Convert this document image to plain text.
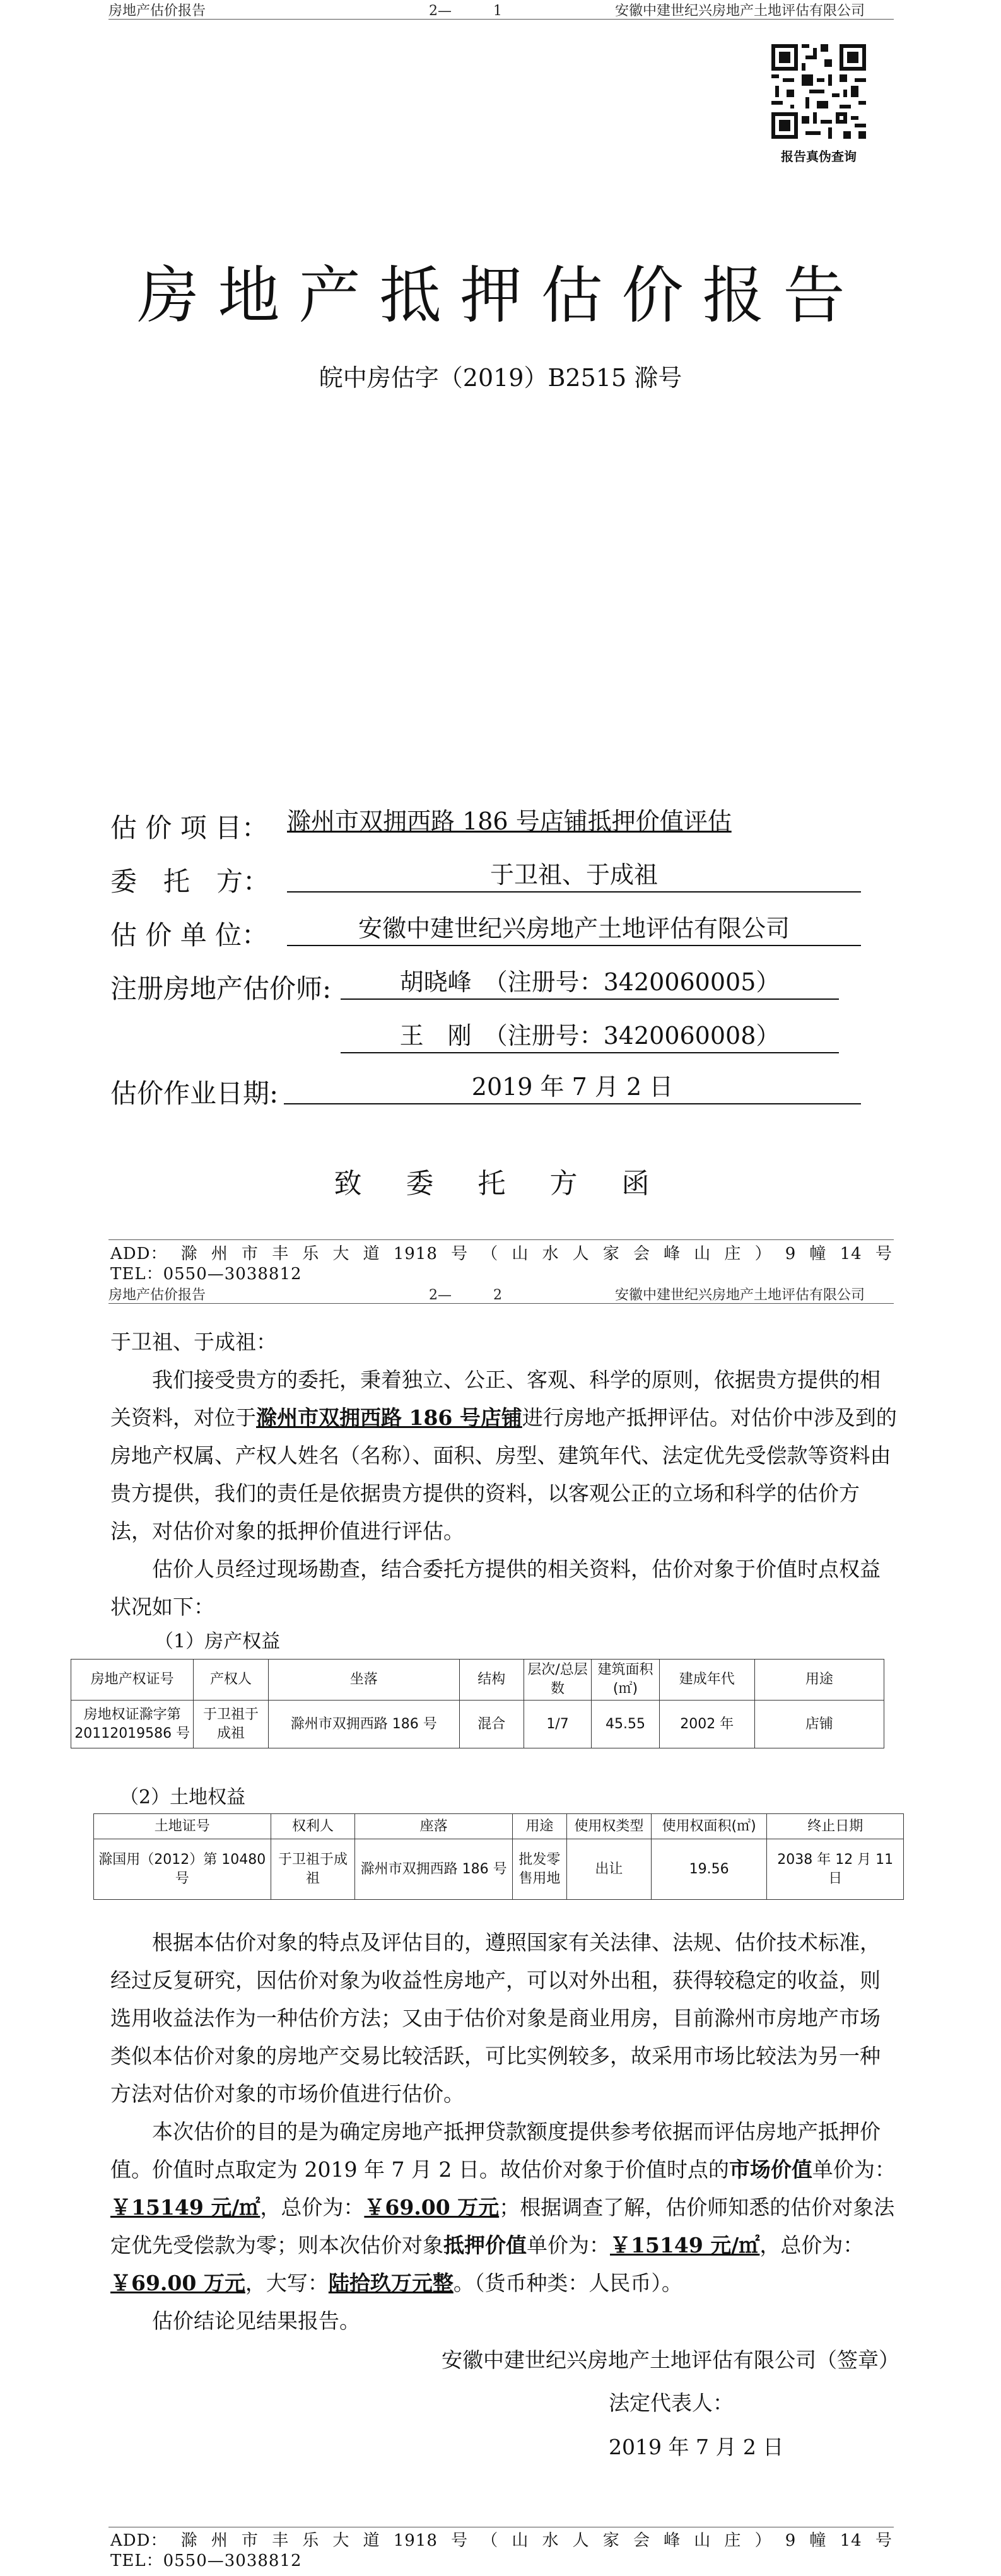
房地产估价报告	2—　　　1	安徽中建世纪兴房地产土地评估有限公司
报告真伪查询
房地产抵押估价报告
皖中房估字（2019）B2515 滁号
估 价 项 目： 滁州市双拥西路 186 号店铺抵押价值评估
委　托　方：	于卫祖、于成祖
估 价 单 位：	安徽中建世纪兴房地产土地评估有限公司
注册房地产估价师:	胡晓峰　（注册号：3420060005）
王　刚　（注册号：3420060008）
估价作业日期:	2019 年 7 月 2 日
致 委 托 方 函
ADD： 滁 州 市 丰 乐 大 道 1918 号 （ 山 水 人 家 会 峰 山 庄 ） 9 幢 14 号
TEL：0550—3038812
房地产估价报告	2—　　　2	安徽中建世纪兴房地产土地评估有限公司
于卫祖、于成祖：
我们接受贵方的委托，秉着独立、公正、客观、科学的原则，依据贵方提供的相关资料，对位于滁州市双拥西路 186 号店铺进行房地产抵押评估。对估价中涉及到的房地产权属、产权人姓名（名称）、面积、房型、建筑年代、法定优先受偿款等资料由贵方提供，我们的责任是依据贵方提供的资料，以客观公正的立场和科学的估价方法，对估价对象的抵押价值进行评估。
估价人员经过现场勘查，结合委托方提供的相关资料，估价对象于价值时点权益状况如下：
（1）房产权益
房地产权证号	产权人	坐落	结构	层次/总层数	建筑面积(㎡)	建成年代	用途
房地权证滁字第20112019586 号	于卫祖于成祖	滁州市双拥西路 186 号	混合	1/7	45.55	2002 年	店铺
（2）土地权益
土地证号	权利人	座落	用途	使用权类型	使用权面积(㎡)	终止日期
滁国用（2012）第 10480 号	于卫祖于成祖	滁州市双拥西路 186 号	批发零售用地	出让	19.56	2038 年 12 月 11 日
根据本估价对象的特点及评估目的，遵照国家有关法律、法规、估价技术标准，经过反复研究，因估价对象为收益性房地产，可以对外出租，获得较稳定的收益，则选用收益法作为一种估价方法；又由于估价对象是商业用房，目前滁州市房地产市场类似本估价对象的房地产交易比较活跃，可比实例较多，故采用市场比较法为另一种方法对估价对象的市场价值进行估价。
本次估价的目的是为确定房地产抵押贷款额度提供参考依据而评估房地产抵押价值。价值时点取定为 2019 年 7 月 2 日。故估价对象于价值时点的市场价值单价为：￥15149 元/㎡，总价为：￥69.00 万元；根据调查了解，估价师知悉的估价对象法定优先受偿款为零；则本次估价对象抵押价值单价为：￥15149 元/㎡，总价为：￥69.00 万元，大写：陆拾玖万元整。（货币种类：人民币）。
估价结论见结果报告。
安徽中建世纪兴房地产土地评估有限公司（签章）
法定代表人：
2019 年 7 月 2 日
ADD： 滁 州 市 丰 乐 大 道 1918 号 （ 山 水 人 家 会 峰 山 庄 ） 9 幢 14 号
TEL：0550—3038812
